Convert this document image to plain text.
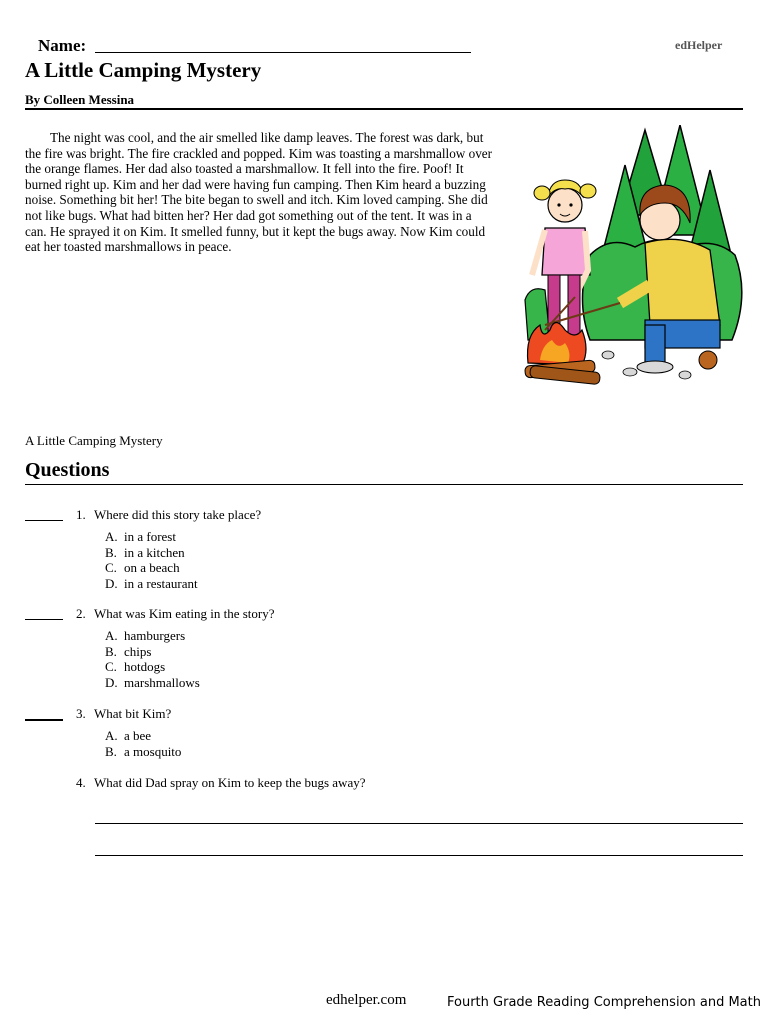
Name:	edHelper
A Little Camping Mystery
By Colleen Messina

The night was cool, and the air smelled like damp leaves. The forest was dark, but the fire was bright. The fire crackled and popped. Kim was toasting a marshmallow over the orange flames. Her dad also toasted a marshmallow. It fell into the fire. Poof! It burned right up. Kim and her dad were having fun camping. Then Kim heard a buzzing noise. Something bit her! The bite began to swell and itch. Kim loved camping. She did not like bugs. What had bitten her? Her dad got something out of the tent. It was in a can. He sprayed it on Kim. It smelled funny, but it kept the bugs away. Now Kim could eat her toasted marshmallows in peace.

A Little Camping Mystery
Questions
1. Where did this story take place?
A. in a forest
B. in a kitchen
C. on a beach
D. in a restaurant
2. What was Kim eating in the story?
A. hamburgers
B. chips
C. hotdogs
D. marshmallows
3. What bit Kim?
A. a bee
B. a mosquito
4. What did Dad spray on Kim to keep the bugs away?
edhelper.com	Fourth Grade Reading Comprehension and Math
